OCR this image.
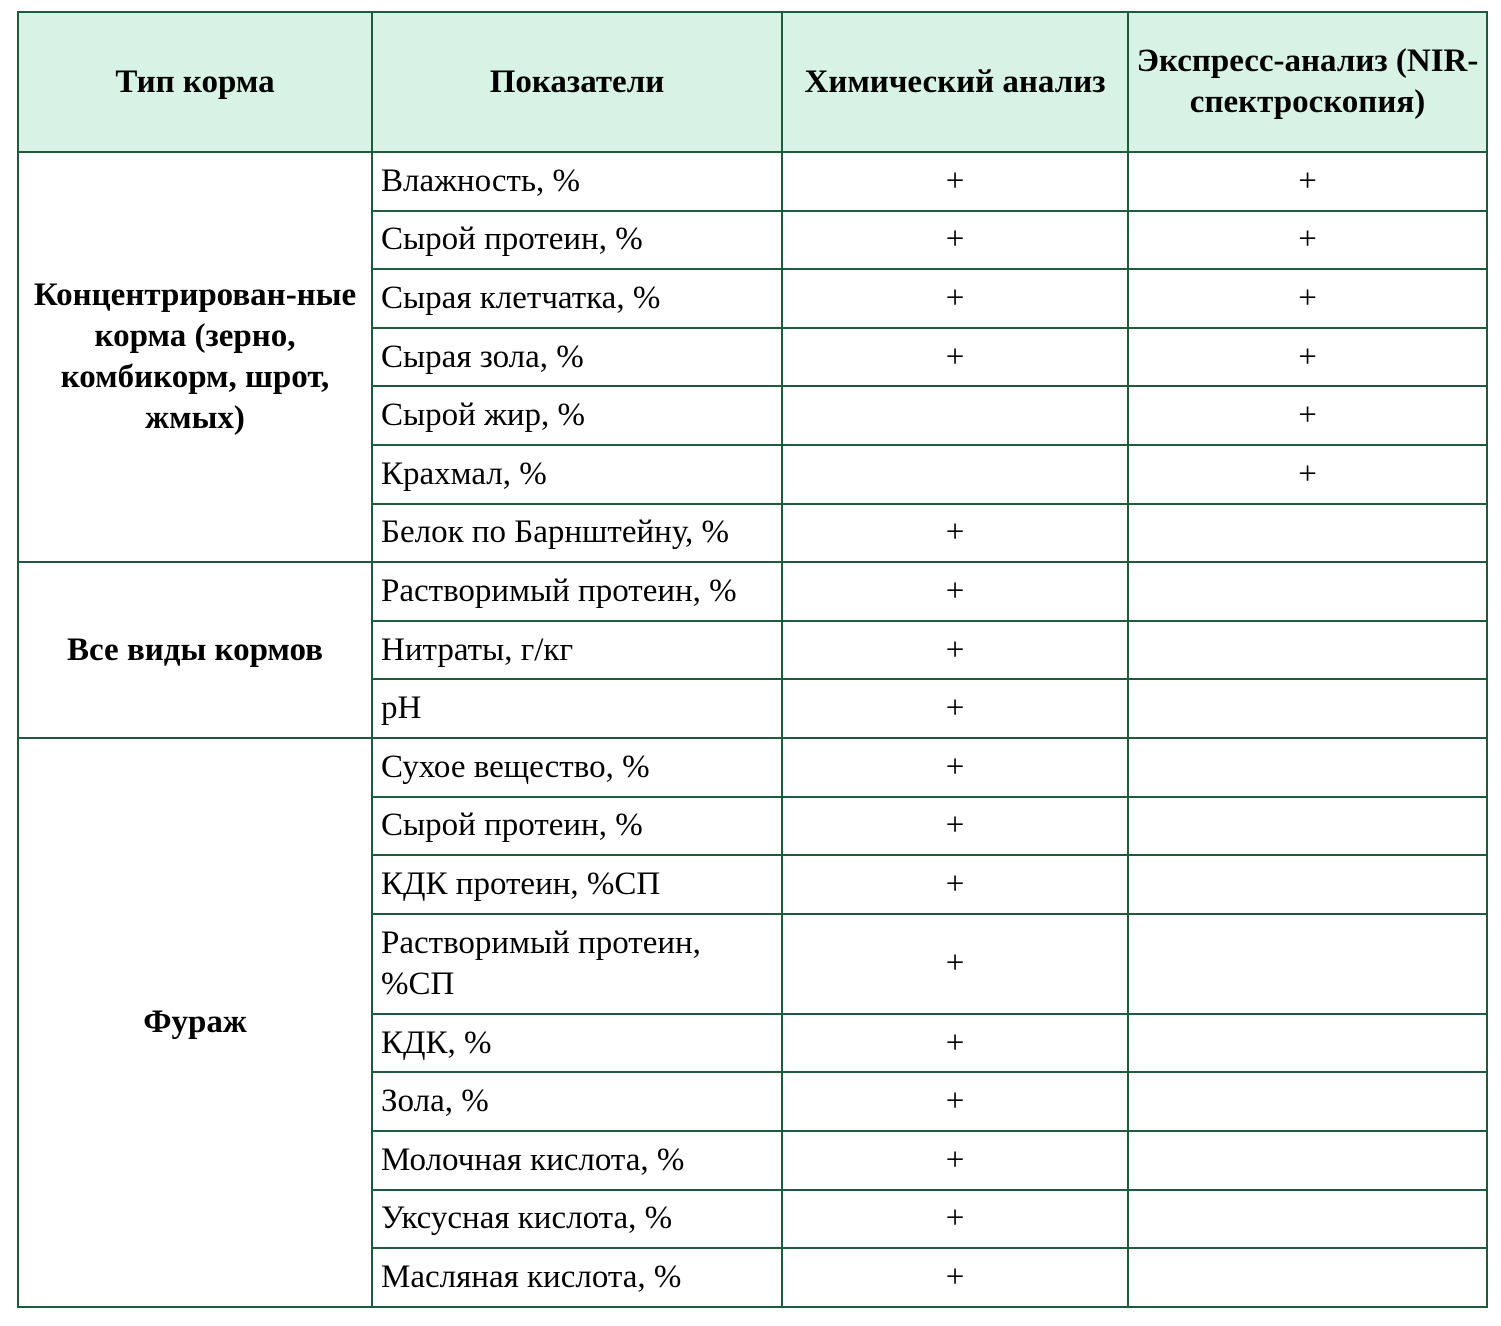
Тип корма	Показатели	Химический анализ	Экспресс-анализ (NIR-спектроскопия)
Концентрирован-ные корма (зерно, комбикорм, шрот, жмых)	Влажность, %	+	+
	Сырой протеин, %	+	+
	Сырая клетчатка, %	+	+
	Сырая зола, %	+	+
	Сырой жир, %		+
	Крахмал, %		+
	Белок по Барнштейну, %	+	
Все виды кормов	Растворимый протеин, %	+	
	Нитраты, г/кг	+	
	рН	+	
Фураж	Сухое вещество, %	+	
	Сырой протеин, %	+	
	КДК протеин, %СП	+	
	Растворимый протеин, %СП	+	
	КДК, %	+	
	Зола, %	+	
	Молочная кислота, %	+	
	Уксусная кислота, %	+	
	Масляная кислота, %	+	
